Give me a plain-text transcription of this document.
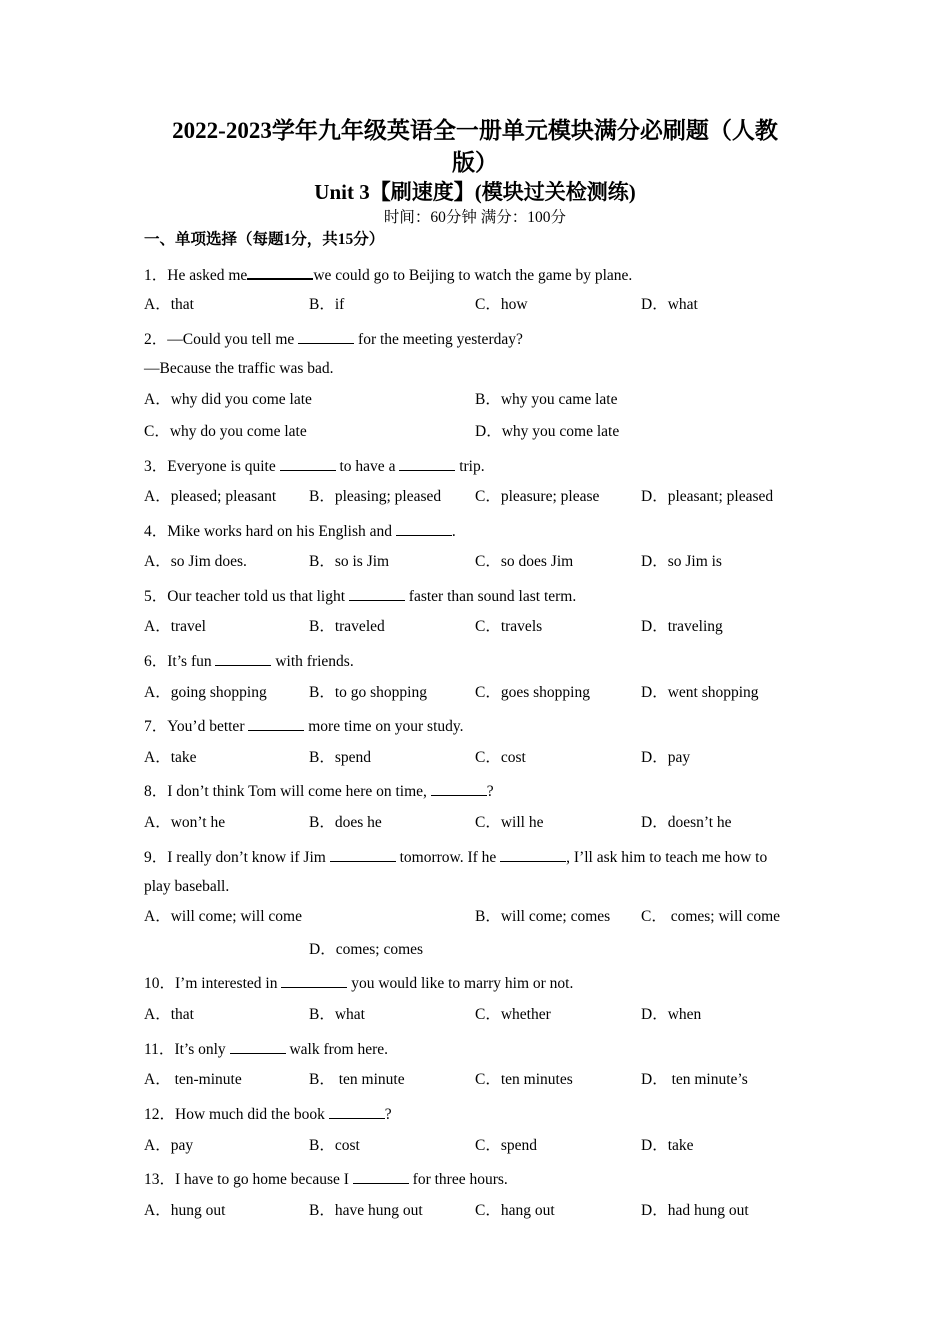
2022-2023学年九年级英语全一册单元模块满分必刷题（人教
版）
Unit 3【刷速度】(模块过关检测练)
时间：60分钟 满分：100分
一、单项选择（每题1分，共15分）
1．He asked me	we could go to Beijing to watch the game by plane.
A．that	B．if	C．how	D．what
2．—Could you tell me	for the meeting yesterday?
—Because the traffic was bad.
A．why did you come late	B．why you came late
C．why do you come late	D．why you come late
3．Everyone is quite	to have a	trip.
A．pleased; pleasant B．pleasing; pleased C．pleasure; please	D．pleasant; pleased
4．Mike works hard on his English and	.
A．so Jim does.	B．so is Jim	C．so does Jim	D．so Jim is
5．Our teacher told us that light	faster than sound last term.
A．travel	B．traveled	C．travels	D．traveling
6．It’s fun	with friends.
A．going shopping	B．to go shopping	C．goes shopping	D．went shopping
7．You’d better	more time on your study.
A．take	B．spend	C．cost	D．pay
8．I don’t think Tom will come here on time,	?
A．won’t he	B．does he	C．will he	D．doesn’t he
9．I really don’t know if Jim	tomorrow. If he	, I’ll ask him to teach me how to
play baseball.
A．will come; will come	B．will come; comes C． comes; will come
D．comes; comes
10．I’m interested in	you would like to marry him or not.
A．that	B．what	C．whether	D．when
11．It’s only	walk from here.
A． ten-minute	B． ten minute	C．ten minutes	D． ten minute’s
12．How much did the book	?
A．pay	B．cost	C．spend	D．take
13．I have to go home because I	for three hours.
A．hung out	B．have hung out	C．hang out	D．had hung out
